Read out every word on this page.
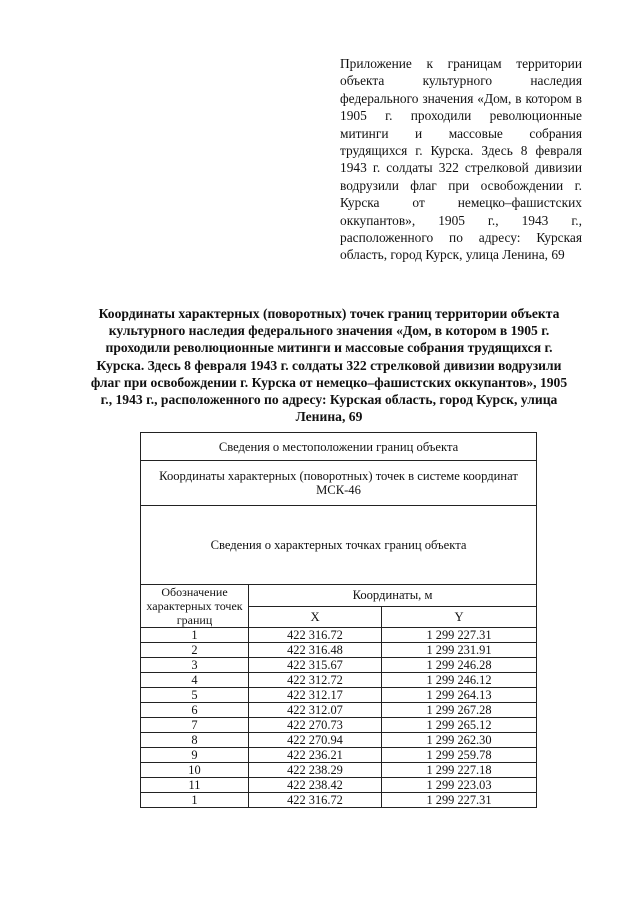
Приложение к границам территории объекта культурного наследия федерального значения «Дом, в котором в 1905 г. проходили революционные митинги и массовые собрания трудящихся г. Курска. Здесь 8 февраля 1943 г. солдаты 322 стрелковой дивизии водрузили флаг при освобождении г. Курска от немецко–фашистских оккупантов», 1905 г., 1943 г., расположенного по адресу: Курская область, город Курск, улица Ленина, 69
Координаты характерных (поворотных) точек границ территории объекта культурного наследия федерального значения «Дом, в котором в 1905 г. проходили революционные митинги и массовые собрания трудящихся г. Курска. Здесь 8 февраля 1943 г. солдаты 322 стрелковой дивизии водрузили флаг при освобождении г. Курска от немецко–фашистских оккупантов», 1905 г., 1943 г., расположенного по адресу: Курская область, город Курск, улица Ленина, 69
Сведения о местоположении границ объекта		
Координаты характерных (поворотных) точек в системе координат МСК-46		
Сведения о характерных точках границ объекта		
Обозначение характерных точек границ	Координаты, м	
	X	Y
1	422 316.72	1 299 227.31
2	422 316.48	1 299 231.91
3	422 315.67	1 299 246.28
4	422 312.72	1 299 246.12
5	422 312.17	1 299 264.13
6	422 312.07	1 299 267.28
7	422 270.73	1 299 265.12
8	422 270.94	1 299 262.30
9	422 236.21	1 299 259.78
10	422 238.29	1 299 227.18
11	422 238.42	1 299 223.03
1	422 316.72	1 299 227.31
